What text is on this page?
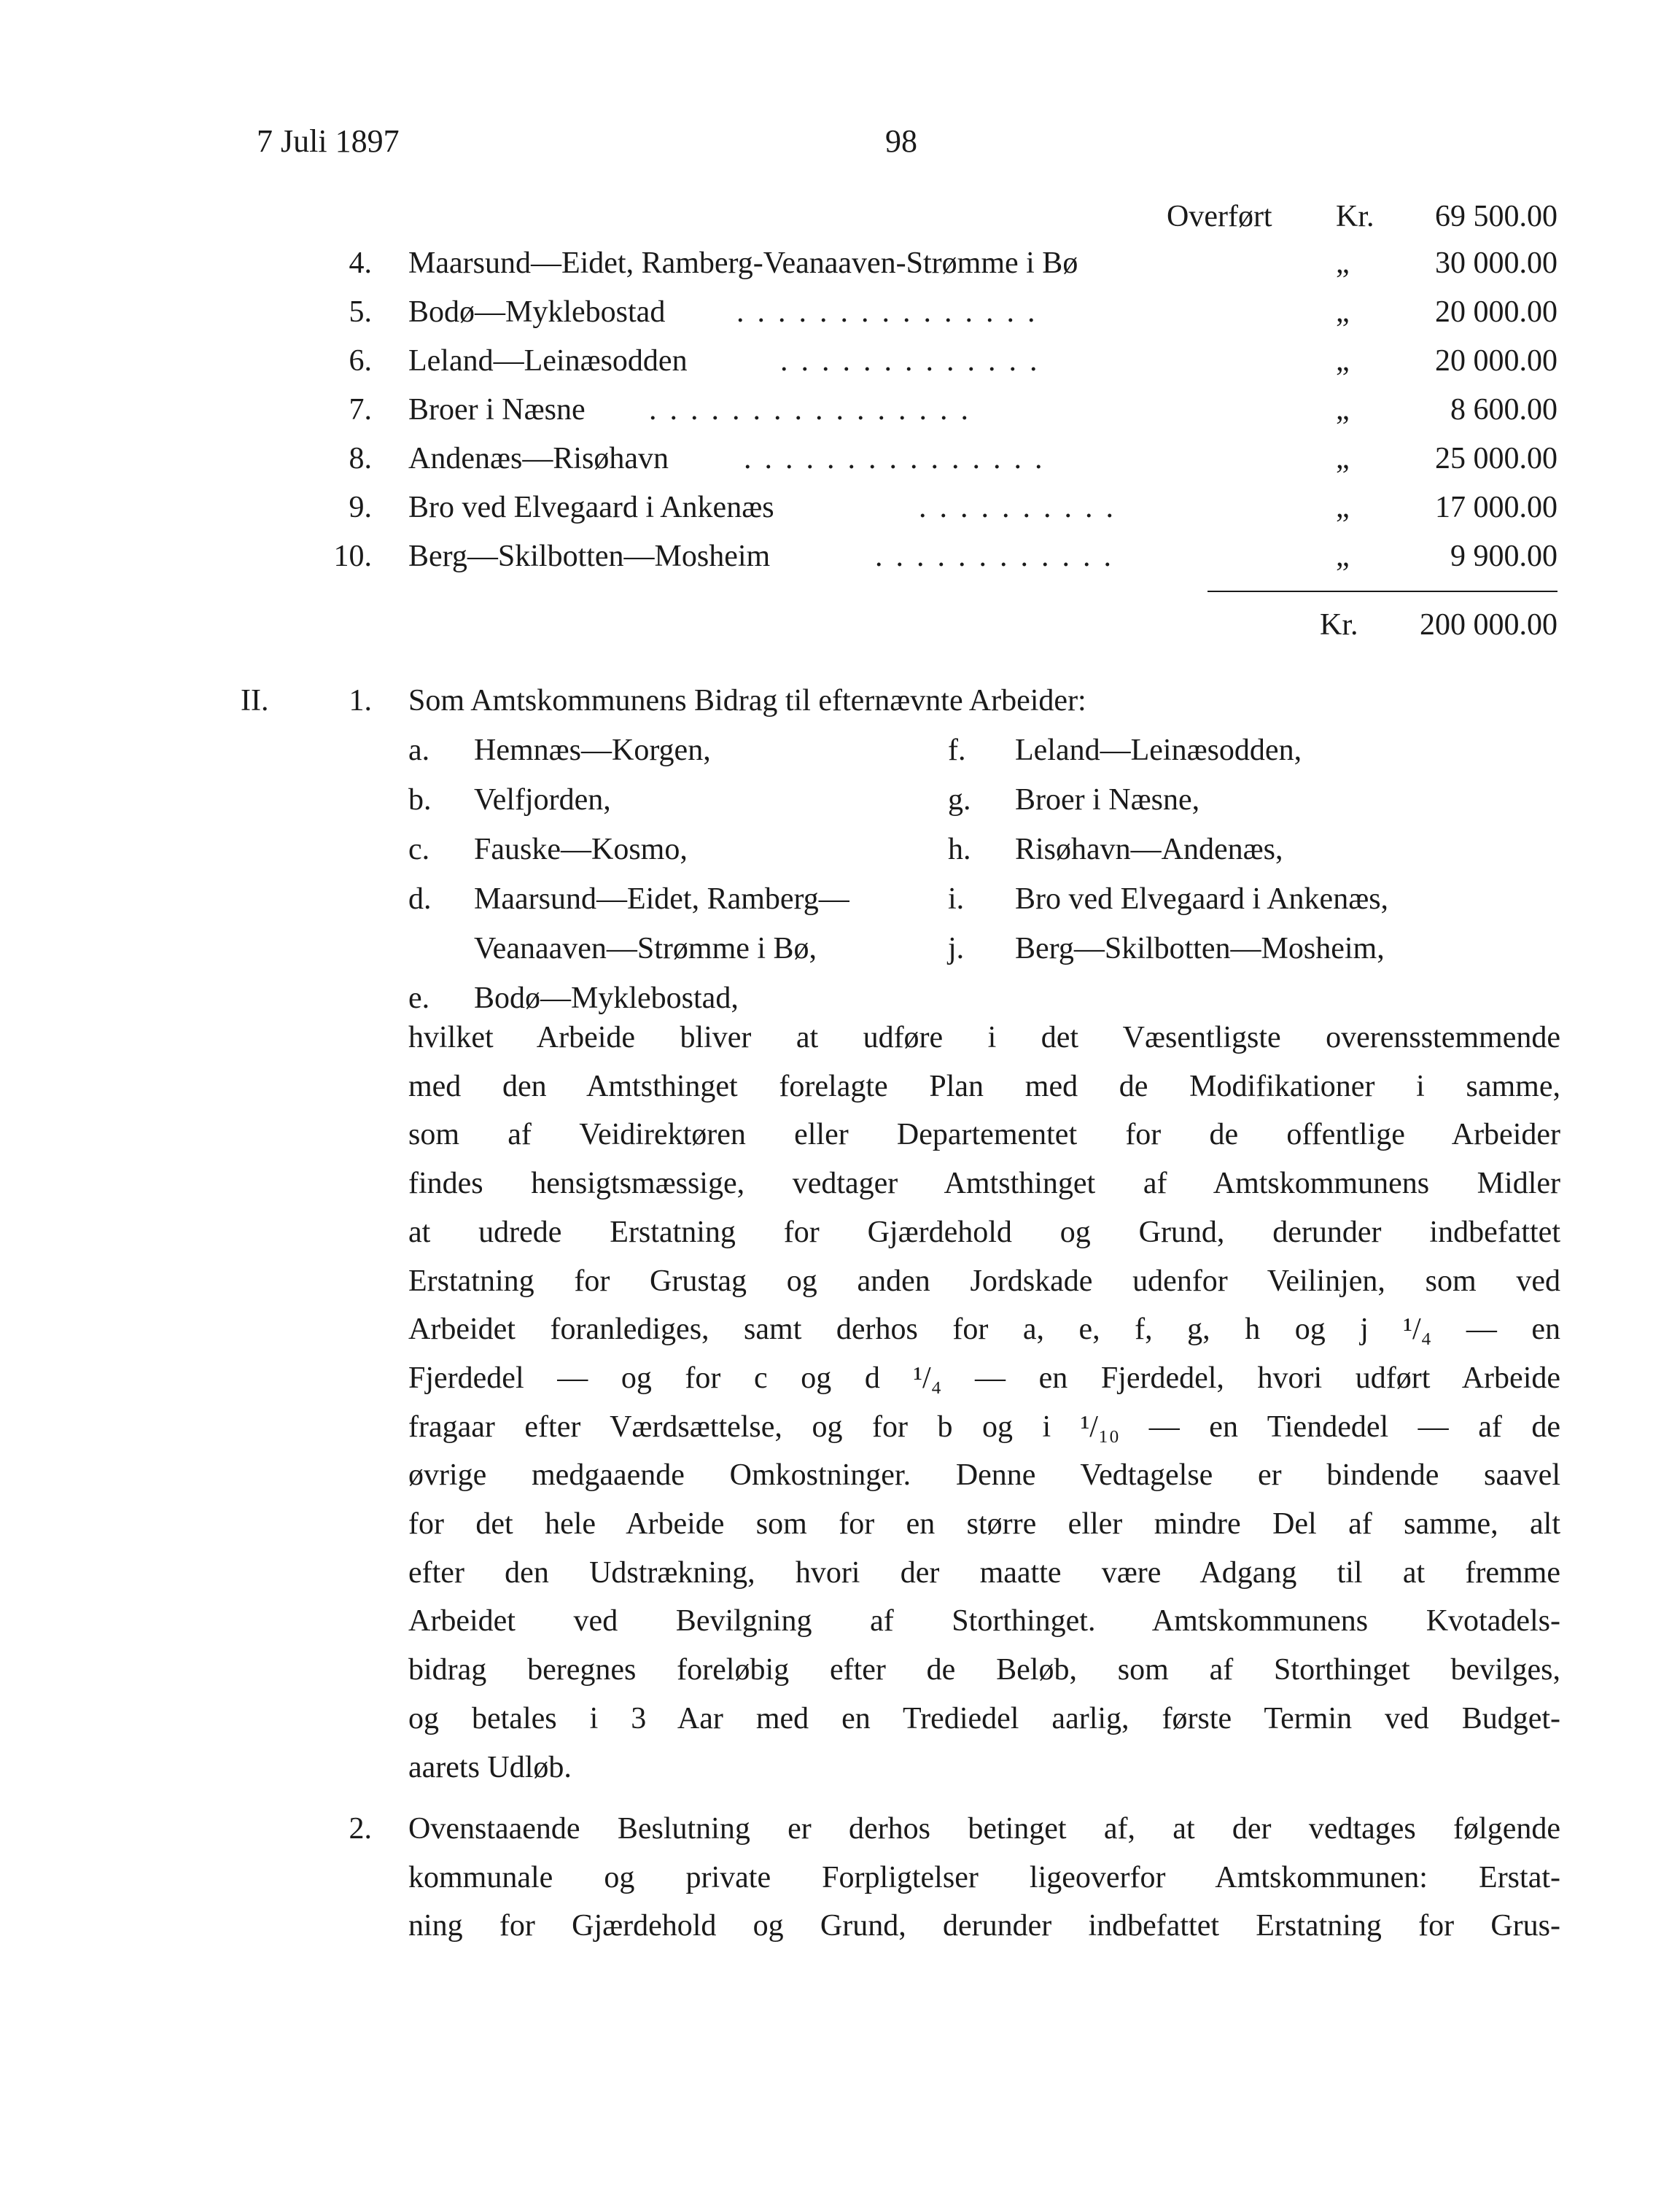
7 Juli 1897	98
Overført Kr.	69 500.00
4. Maarsund—Eidet, Ramberg-Veanaaven-Strømme i Bø	„	30 000.00
5. Bodø—Myklebostad ...............	„	20 000.00
6. Leland—Leinæsodden	.............	„	20 000.00
7. Broer i Næsne ................	„	8 600.00
8. Andenæs—Risøhavn ...............	„	25 000.00
9. Bro ved Elvegaard i Ankenæs	..........	„	17 000.00
10. Berg—Skilbotten—Mosheim	............	„	9 900.00
Kr.	200 000.00
II.	1. Som Amtskommunens Bidrag til efternævnte Arbeider:
a. Hemnæs—Korgen,
b. Velfjorden,
c. Fauske—Kosmo,
d. Maarsund—Eidet, Ramberg—
Veanaaven—Strømme i Bø,
e. Bodø—Myklebostad,
f. Leland—Leinæsodden,
g. Broer i Næsne,
h. Risøhavn—Andenæs,
i. Bro ved Elvegaard i Ankenæs,
j. Berg—Skilbotten—Mosheim,
hvilket Arbeide bliver at udføre i det Væsentligste overensstemmende
med den Amtsthinget forelagte Plan med de Modifikationer i samme,
som af Veidirektøren eller Departementet for de offentlige Arbeider
findes hensigtsmæssige, vedtager Amtsthinget af Amtskommunens Midler
at udrede Erstatning for Gjærdehold og Grund, derunder indbefattet
Erstatning for Grustag og anden Jordskade udenfor Veilinjen, som ved
Arbeidet foranlediges, samt derhos for a, e, f, g, h og j ¹/₄ — en
Fjerdedel — og for c og d ¹/₄ — en Fjerdedel, hvori udført Arbeide
fragaar efter Værdsættelse, og for b og i ¹/₁₀ — en Tiendedel — af de
øvrige medgaaende Omkostninger. Denne Vedtagelse er bindende saavel
for det hele Arbeide som for en større eller mindre Del af samme, alt
efter den Udstrækning, hvori der maatte være Adgang til at fremme
Arbeidet ved Bevilgning af Storthinget. Amtskommunens Kvotadels-
bidrag beregnes foreløbig efter de Beløb, som af Storthinget bevilges,
og betales i 3 Aar med en Trediedel aarlig, første Termin ved Budget-
aarets Udløb.
2. Ovenstaaende Beslutning er derhos betinget af, at der vedtages følgende
kommunale og private Forpligtelser ligeoverfor Amtskommunen: Erstat-
ning for Gjærdehold og Grund, derunder indbefattet Erstatning for Grus-
